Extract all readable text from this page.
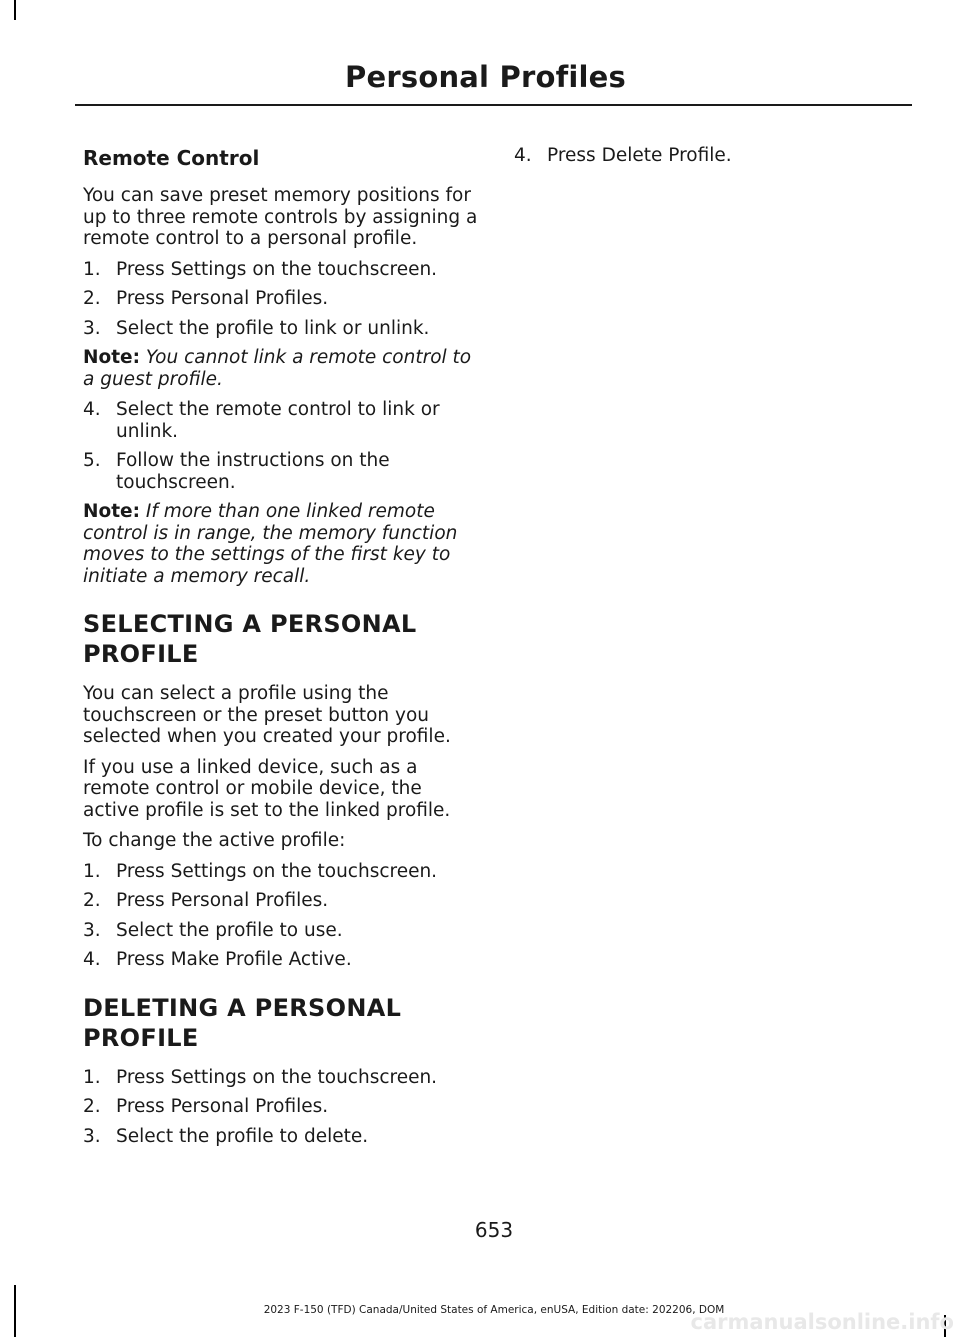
Personal Profiles
Remote Control

You can save preset memory positions for up to three remote controls by assigning a remote control to a personal profile.

1. Press Settings on the touchscreen.
2. Press Personal Profiles.
3. Select the profile to link or unlink.

Note: You cannot link a remote control to a guest profile.

4. Select the remote control to link or unlink.
5. Follow the instructions on the touchscreen.

Note: If more than one linked remote control is in range, the memory function moves to the settings of the first key to initiate a memory recall.

SELECTING A PERSONAL
PROFILE

You can select a profile using the touchscreen or the preset button you selected when you created your profile.

If you use a linked device, such as a remote control or mobile device, the active profile is set to the linked profile.

To change the active profile:

1. Press Settings on the touchscreen.
2. Press Personal Profiles.
3. Select the profile to use.
4. Press Make Profile Active.
DELETING A PERSONAL
PROFILE
1. Press Settings on the touchscreen.
2. Press Personal Profiles.
3. Select the profile to delete.
4. Press Delete Profile.
653
2023 F-150 (TFD) Canada/United States of America, enUSA, Edition date: 202206, DOM
carmanualsonline.info
